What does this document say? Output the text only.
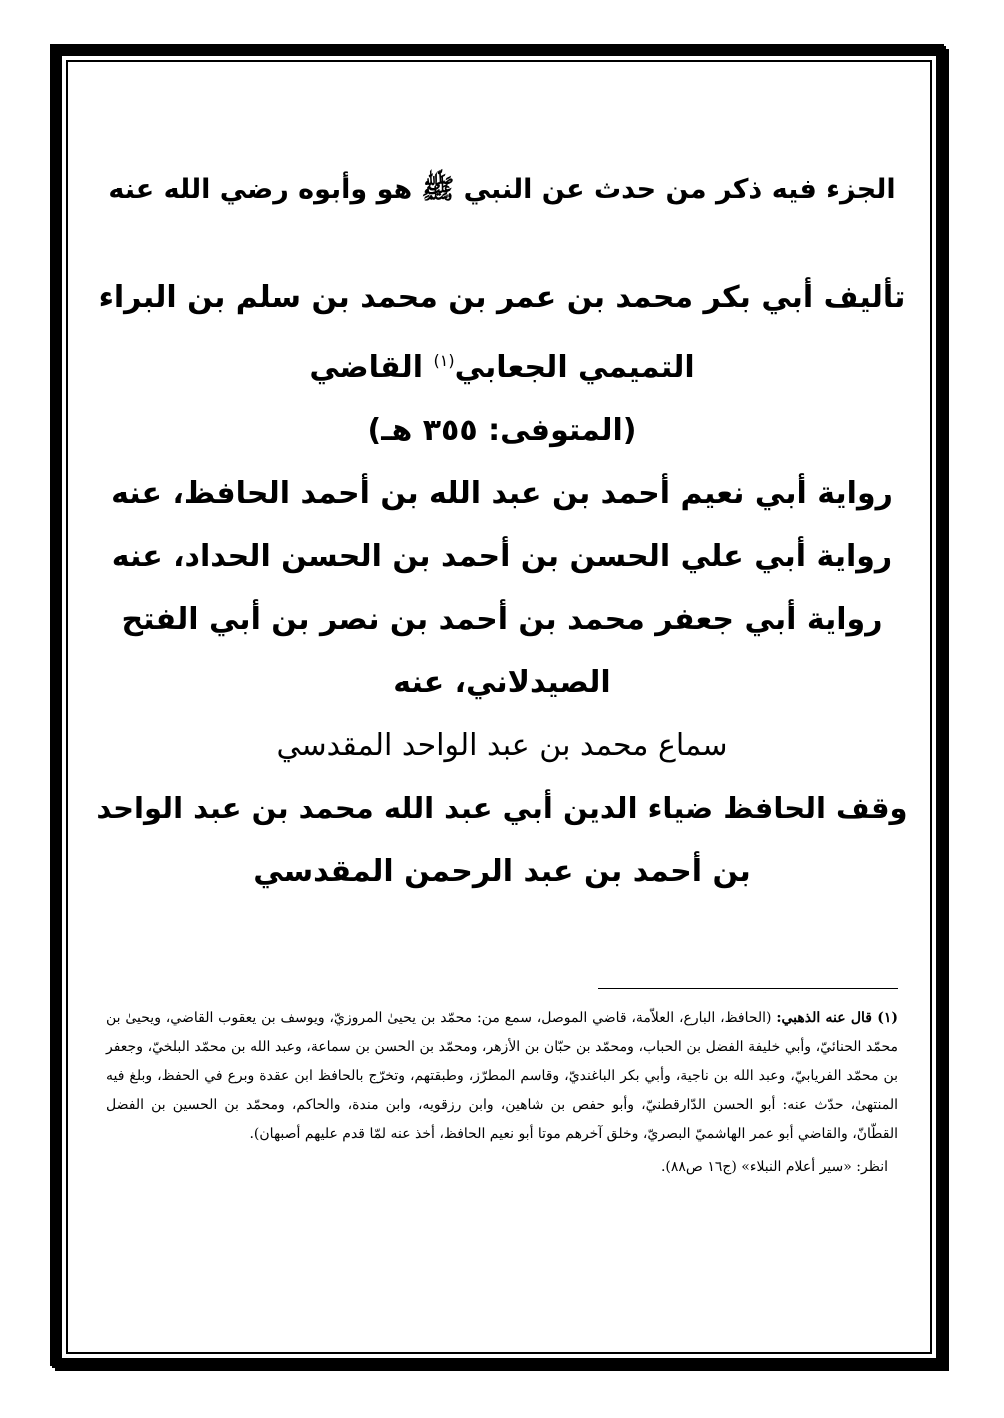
الجزء فيه ذكر من حدث عن النبي ﷺ هو وأبوه رضي الله عنه

تأليف أبي بكر محمد بن عمر بن محمد بن سلم بن البراء

التميمي الجعابي$^{(١)}$ القاضي

(المتوفى: ٣٥٥ هـ)

رواية أبي نعيم أحمد بن عبد الله بن أحمد الحافظ، عنه

رواية أبي علي الحسن بن أحمد بن الحسن الحداد، عنه

رواية أبي جعفر محمد بن أحمد بن نصر بن أبي الفتح

الصيدلاني، عنه

سماع محمد بن عبد الواحد المقدسي

وقف الحافظ ضياء الدين أبي عبد الله محمد بن عبد الواحد

بن أحمد بن عبد الرحمن المقدسي

(١) قال عنه الذهبي: (الحافظ، البارع، العلاّمة، قاضي الموصل، سمع من: محمّد بن يحيىٰ المروزيّ، ويوسف بن يعقوب القاضي، ويحيىٰ بن محمّد الحنائيّ، وأبي خليفة الفضل بن الحباب، ومحمّد بن حبّان بن الأزهر، ومحمّد بن الحسن بن سماعة، وعبد الله بن محمّد البلخيّ، وجعفر بن محمّد الفريابيّ، وعبد الله بن ناجية، وأبي بكر الباغنديّ، وقاسم المطرّز، وطبقتهم، وتخرّج بالحافظ ابن عقدة وبرع في الحفظ، وبلغ فيه المنتهىٰ، حدّث عنه: أبو الحسن الدّارقطنيّ، وأبو حفص بن شاهين، وابن رزقويه، وابن مندة، والحاكم، ومحمّد بن الحسين بن الفضل القطّانّ، والقاضي أبو عمر الهاشميّ البصريّ، وخلق آخرهم موتا أبو نعيم الحافظ، أخذ عنه لمّا قدم عليهم أصبهان).

انظر: «سير أعلام النبلاء» (ج١٦ ص٨٨).
